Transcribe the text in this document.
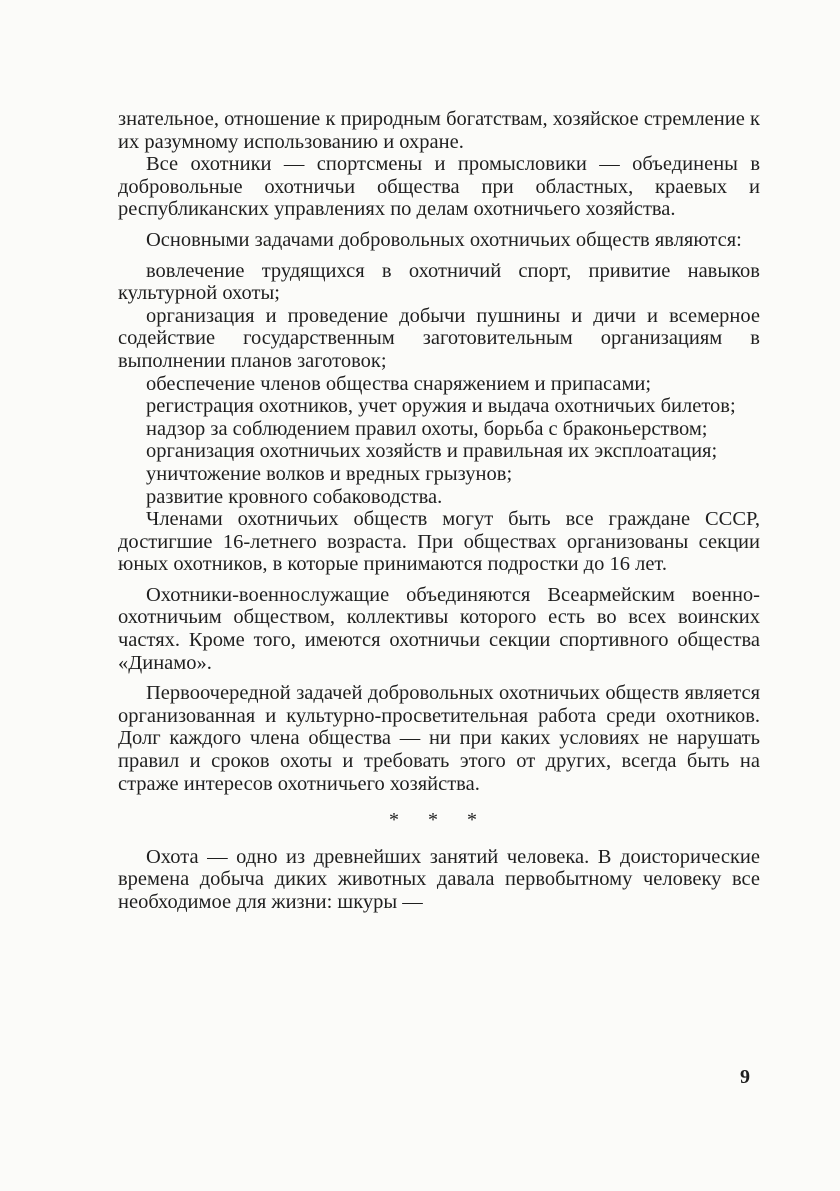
знательное, отношение к природным богатствам, хозяйское стремление к их разумному использованию и охране.

Все охотники — спортсмены и промысловики — объединены в добровольные охотничьи общества при областных, краевых и республиканских управлениях по делам охотничьего хозяйства.

Основными задачами добровольных охотничьих обществ являются:

вовлечение трудящихся в охотничий спорт, привитие навыков культурной охоты;

организация и проведение добычи пушнины и дичи и всемерное содействие государственным заготовительным организациям в выполнении планов заготовок;

обеспечение членов общества снаряжением и припасами;

регистрация охотников, учет оружия и выдача охотничьих билетов;

надзор за соблюдением правил охоты, борьба с браконьерством;

организация охотничьих хозяйств и правильная их эксплоатация;

уничтожение волков и вредных грызунов;

развитие кровного собаководства.

Членами охотничьих обществ могут быть все граждане СССР, достигшие 16-летнего возраста. При обществах организованы секции юных охотников, в которые принимаются подростки до 16 лет.

Охотники-военнослужащие объединяются Всеармейским военно-охотничьим обществом, коллективы которого есть во всех воинских частях. Кроме того, имеются охотничьи секции спортивного общества «Динамо».

Первоочередной задачей добровольных охотничьих обществ является организованная и культурно-просветительная работа среди охотников. Долг каждого члена общества — ни при каких условиях не нарушать правил и сроков охоты и требовать этого от других, всегда быть на страже интересов охотничьего хозяйства.

* * *

Охота — одно из древнейших занятий человека. В доисторические времена добыча диких животных давала первобытному человеку все необходимое для жизни: шкуры —

9
